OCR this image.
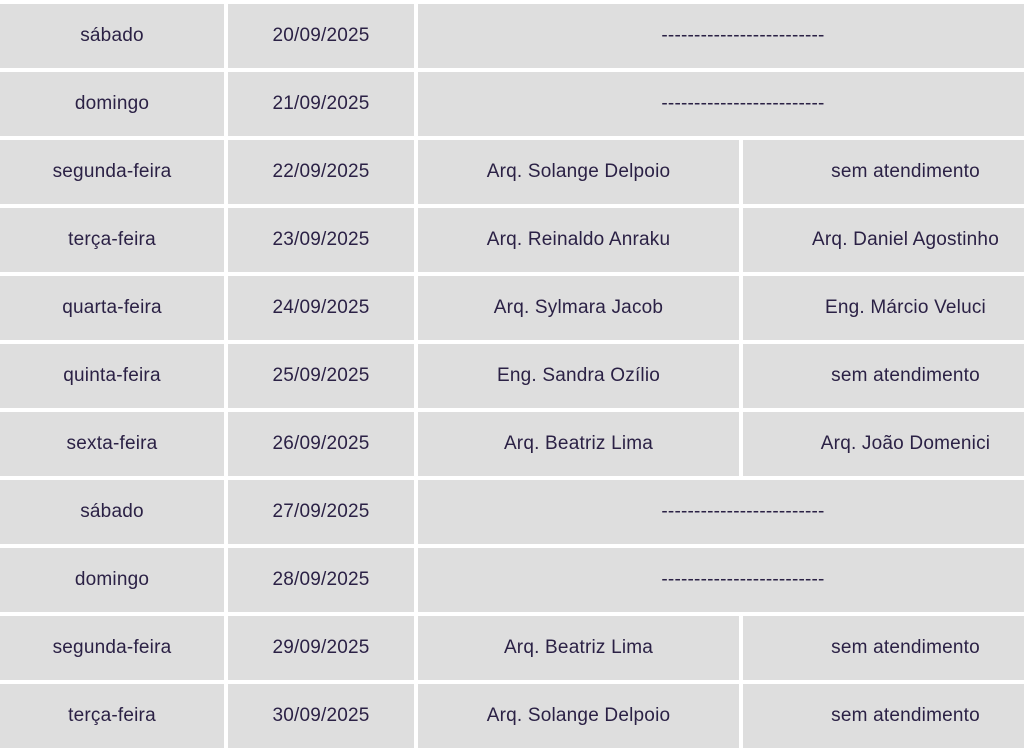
sábado	20/09/2025	-------------------------	
domingo	21/09/2025	-------------------------	
segunda-feira	22/09/2025	Arq. Solange Delpoio	sem atendimento
terça-feira	23/09/2025	Arq. Reinaldo Anraku	Arq. Daniel Agostinho
quarta-feira	24/09/2025	Arq. Sylmara Jacob	Eng. Márcio Veluci
quinta-feira	25/09/2025	Eng. Sandra Ozílio	sem atendimento
sexta-feira	26/09/2025	Arq. Beatriz Lima	Arq. João Domenici
sábado	27/09/2025	-------------------------	
domingo	28/09/2025	-------------------------	
segunda-feira	29/09/2025	Arq. Beatriz Lima	sem atendimento
terça-feira	30/09/2025	Arq. Solange Delpoio	sem atendimento
